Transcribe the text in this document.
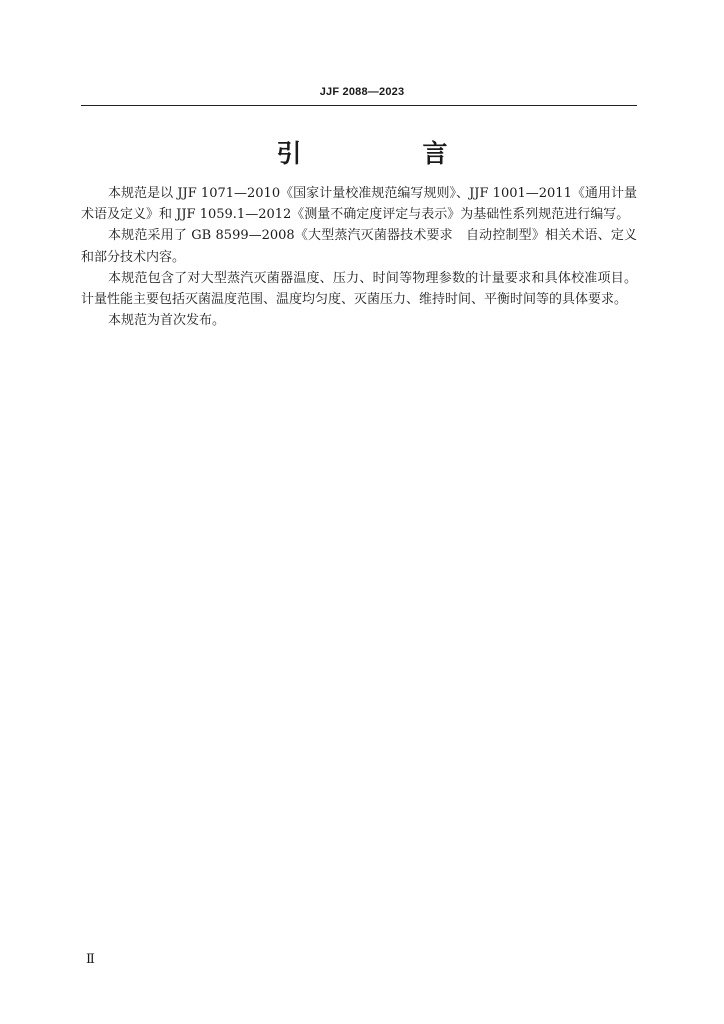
JJF 2088—2023
引　言

本规范是以 JJF 1071—2010《国家计量校准规范编写规则》、JJF 1001—2011《通用计量术语及定义》和 JJF 1059.1—2012《测量不确定度评定与表示》为基础性系列规范进行编写。

本规范采用了 GB 8599—2008《大型蒸汽灭菌器技术要求　自动控制型》相关术语、定义和部分技术内容。

本规范包含了对大型蒸汽灭菌器温度、压力、时间等物理参数的计量要求和具体校准项目。计量性能主要包括灭菌温度范围、温度均匀度、灭菌压力、维持时间、平衡时间等的具体要求。

本规范为首次发布。

Ⅱ
